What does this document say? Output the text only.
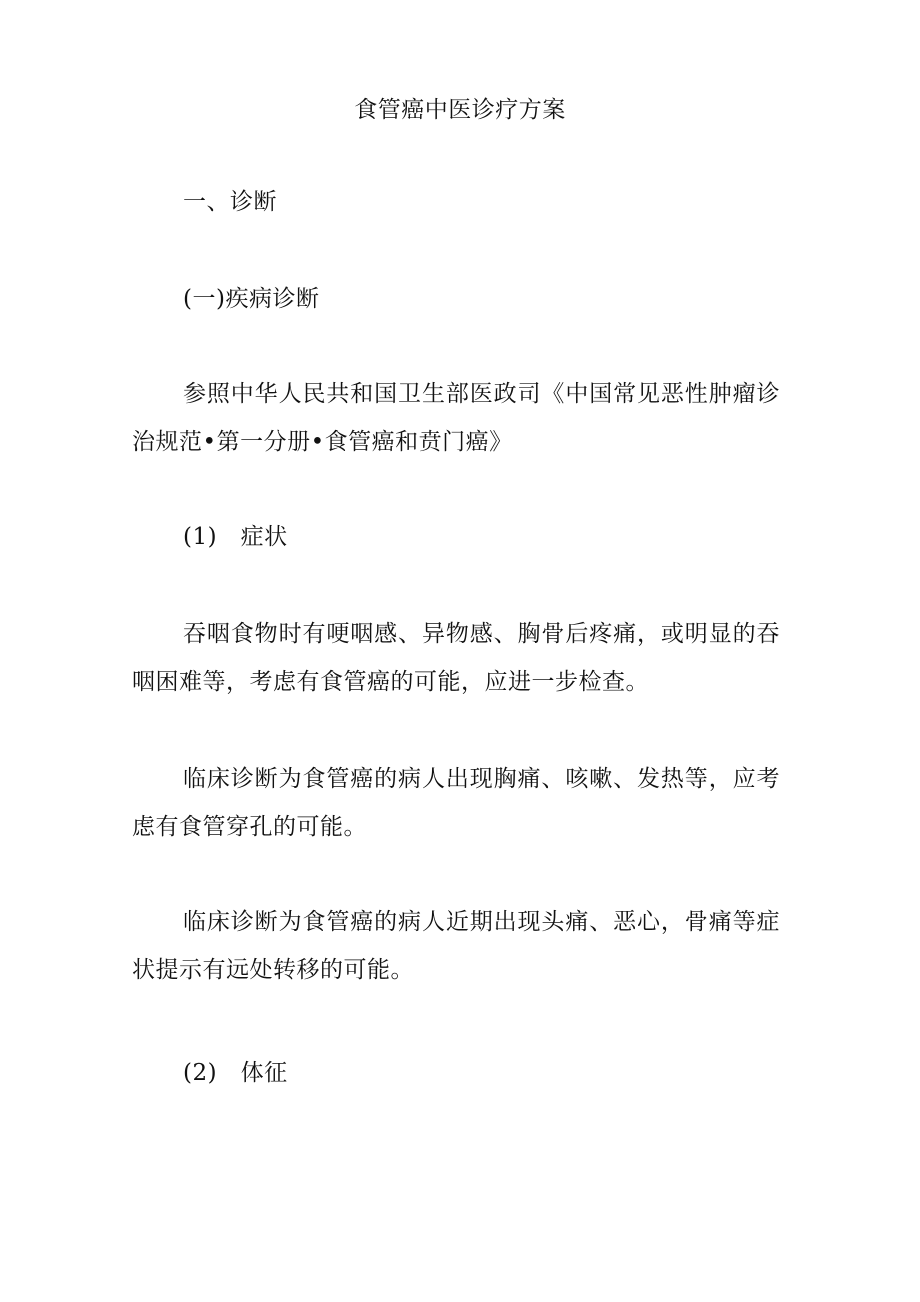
食管癌中医诊疗方案
一、诊断
(一)疾病诊断
参照中华人民共和国卫生部医政司《中国常见恶性肿瘤诊治规范•第一分册•食管癌和贲门癌》
(1)　症状
吞咽食物时有哽咽感、异物感、胸骨后疼痛，或明显的吞咽困难等，考虑有食管癌的可能，应进一步检查。
临床诊断为食管癌的病人出现胸痛、咳嗽、发热等，应考虑有食管穿孔的可能。
临床诊断为食管癌的病人近期出现头痛、恶心，骨痛等症状提示有远处转移的可能。
(2)　体征
